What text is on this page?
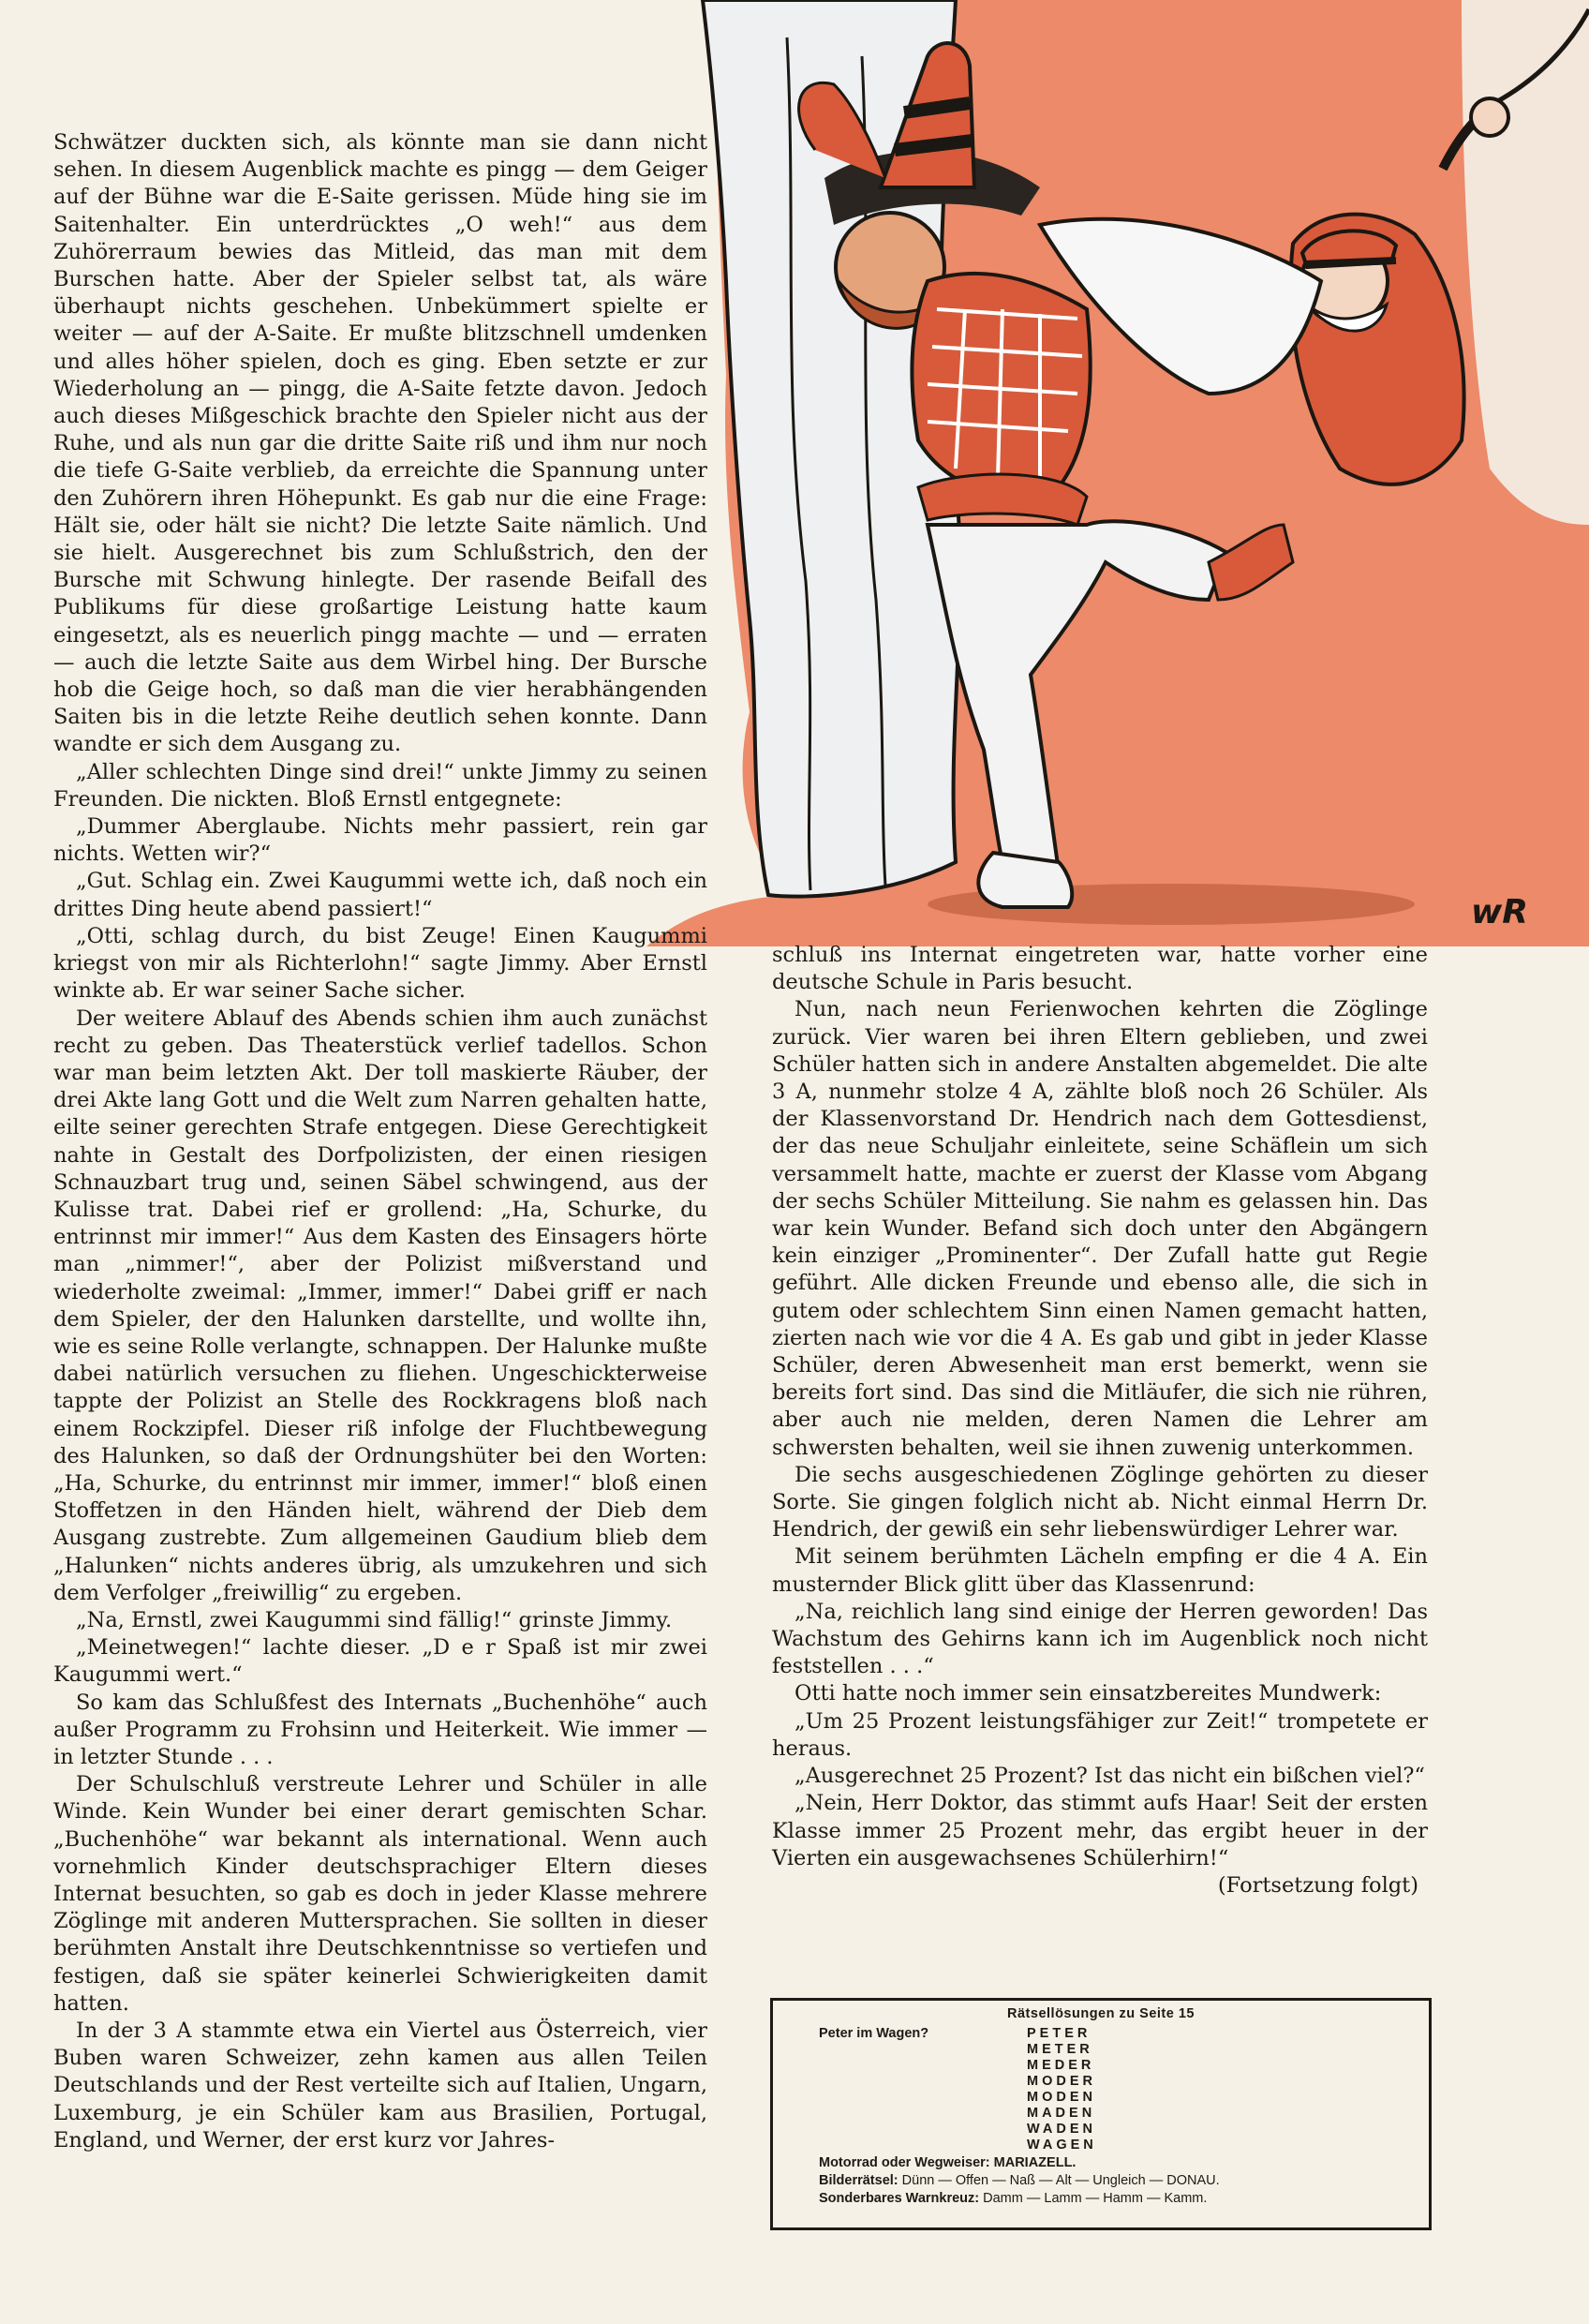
wR

Schwätzer duckten sich, als könnte man sie dann nicht sehen. In diesem Augenblick machte es pingg — dem Geiger auf der Bühne war die E-Saite gerissen. Müde hing sie im Saitenhalter. Ein unterdrücktes „O weh!“ aus dem Zuhörerraum bewies das Mitleid, das man mit dem Burschen hatte. Aber der Spieler selbst tat, als wäre überhaupt nichts geschehen. Unbekümmert spielte er weiter — auf der A-Saite. Er mußte blitzschnell umdenken und alles höher spielen, doch es ging. Eben setzte er zur Wiederholung an — pingg, die A-Saite fetzte davon. Jedoch auch dieses Mißgeschick brachte den Spieler nicht aus der Ruhe, und als nun gar die dritte Saite riß und ihm nur noch die tiefe G-Saite verblieb, da erreichte die Spannung unter den Zuhörern ihren Höhepunkt. Es gab nur die eine Frage: Hält sie, oder hält sie nicht? Die letzte Saite nämlich. Und sie hielt. Ausgerechnet bis zum Schlußstrich, den der Bursche mit Schwung hinlegte. Der rasende Beifall des Publikums für diese großartige Leistung hatte kaum eingesetzt, als es neuerlich pingg machte — und — erraten — auch die letzte Saite aus dem Wirbel hing. Der Bursche hob die Geige hoch, so daß man die vier herabhängenden Saiten bis in die letzte Reihe deutlich sehen konnte. Dann wandte er sich dem Ausgang zu.

„Aller schlechten Dinge sind drei!“ unkte Jimmy zu seinen Freunden. Die nickten. Bloß Ernstl entgegnete:

„Dummer Aberglaube. Nichts mehr passiert, rein gar nichts. Wetten wir?“

„Gut. Schlag ein. Zwei Kaugummi wette ich, daß noch ein drittes Ding heute abend passiert!“

„Otti, schlag durch, du bist Zeuge! Einen Kaugummi kriegst von mir als Richterlohn!“ sagte Jimmy. Aber Ernstl winkte ab. Er war seiner Sache sicher.

Der weitere Ablauf des Abends schien ihm auch zunächst recht zu geben. Das Theaterstück verlief tadellos. Schon war man beim letzten Akt. Der toll maskierte Räuber, der drei Akte lang Gott und die Welt zum Narren gehalten hatte, eilte seiner gerechten Strafe entgegen. Diese Gerechtigkeit nahte in Gestalt des Dorfpolizisten, der einen riesigen Schnauzbart trug und, seinen Säbel schwingend, aus der Kulisse trat. Dabei rief er grollend: „Ha, Schurke, du entrinnst mir immer!“ Aus dem Kasten des Einsagers hörte man „nimmer!“, aber der Polizist mißverstand und wiederholte zweimal: „Immer, immer!“ Dabei griff er nach dem Spieler, der den Halunken darstellte, und wollte ihn, wie es seine Rolle verlangte, schnappen. Der Halunke mußte dabei natürlich versuchen zu fliehen. Ungeschickterweise tappte der Polizist an Stelle des Rockkragens bloß nach einem Rockzipfel. Dieser riß infolge der Fluchtbewegung des Halunken, so daß der Ordnungshüter bei den Worten: „Ha, Schurke, du entrinnst mir immer, immer!“ bloß einen Stoffetzen in den Händen hielt, während der Dieb dem Ausgang zustrebte. Zum allgemeinen Gaudium blieb dem „Halunken“ nichts anderes übrig, als umzukehren und sich dem Verfolger „freiwillig“ zu ergeben.

„Na, Ernstl, zwei Kaugummi sind fällig!“ grinste Jimmy.

„Meinetwegen!“ lachte dieser. „D e r Spaß ist mir zwei Kaugummi wert.“

So kam das Schlußfest des Internats „Buchenhöhe“ auch außer Programm zu Frohsinn und Heiterkeit. Wie immer — in letzter Stunde . . .

Der Schulschluß verstreute Lehrer und Schüler in alle Winde. Kein Wunder bei einer derart gemischten Schar. „Buchenhöhe“ war bekannt als international. Wenn auch vornehmlich Kinder deutschsprachiger Eltern dieses Internat besuchten, so gab es doch in jeder Klasse mehrere Zöglinge mit anderen Muttersprachen. Sie sollten in dieser berühmten Anstalt ihre Deutschkenntnisse so vertiefen und festigen, daß sie später keinerlei Schwierigkeiten damit hatten.

In der 3 A stammte etwa ein Viertel aus Österreich, vier Buben waren Schweizer, zehn kamen aus allen Teilen Deutschlands und der Rest verteilte sich auf Italien, Ungarn, Luxemburg, je ein Schüler kam aus Brasilien, Portugal, England, und Werner, der erst kurz vor Jahres-

schluß ins Internat eingetreten war, hatte vorher eine deutsche Schule in Paris besucht.

Nun, nach neun Ferienwochen kehrten die Zöglinge zurück. Vier waren bei ihren Eltern geblieben, und zwei Schüler hatten sich in andere Anstalten abgemeldet. Die alte 3 A, nunmehr stolze 4 A, zählte bloß noch 26 Schüler. Als der Klassenvorstand Dr. Hendrich nach dem Gottesdienst, der das neue Schuljahr einleitete, seine Schäflein um sich versammelt hatte, machte er zuerst der Klasse vom Abgang der sechs Schüler Mitteilung. Sie nahm es gelassen hin. Das war kein Wunder. Befand sich doch unter den Abgängern kein einziger „Prominenter“. Der Zufall hatte gut Regie geführt. Alle dicken Freunde und ebenso alle, die sich in gutem oder schlechtem Sinn einen Namen gemacht hatten, zierten nach wie vor die 4 A. Es gab und gibt in jeder Klasse Schüler, deren Abwesenheit man erst bemerkt, wenn sie bereits fort sind. Das sind die Mitläufer, die sich nie rühren, aber auch nie melden, deren Namen die Lehrer am schwersten behalten, weil sie ihnen zuwenig unterkommen.

Die sechs ausgeschiedenen Zöglinge gehörten zu dieser Sorte. Sie gingen folglich nicht ab. Nicht einmal Herrn Dr. Hendrich, der gewiß ein sehr liebenswürdiger Lehrer war.

Mit seinem berühmten Lächeln empfing er die 4 A. Ein musternder Blick glitt über das Klassenrund:

„Na, reichlich lang sind einige der Herren geworden! Das Wachstum des Gehirns kann ich im Augenblick noch nicht feststellen . . .“

Otti hatte noch immer sein einsatzbereites Mundwerk:

„Um 25 Prozent leistungsfähiger zur Zeit!“ trompetete er heraus.

„Ausgerechnet 25 Prozent? Ist das nicht ein bißchen viel?“

„Nein, Herr Doktor, das stimmt aufs Haar! Seit der ersten Klasse immer 25 Prozent mehr, das ergibt heuer in der Vierten ein ausgewachsenes Schülerhirn!“

(Fortsetzung folgt)

Rätsellösungen zu Seite 15
Peter im Wagen?	PETER
METER
MEDER
MODER
MODEN
MADEN
WADEN
WAGEN
Motorrad oder Wegweiser: MARIAZELL.
Bilderrätsel: Dünn — Offen — Naß — Alt — Ungleich — DONAU.
Sonderbares Warnkreuz: Damm — Lamm — Hamm — Kamm.
